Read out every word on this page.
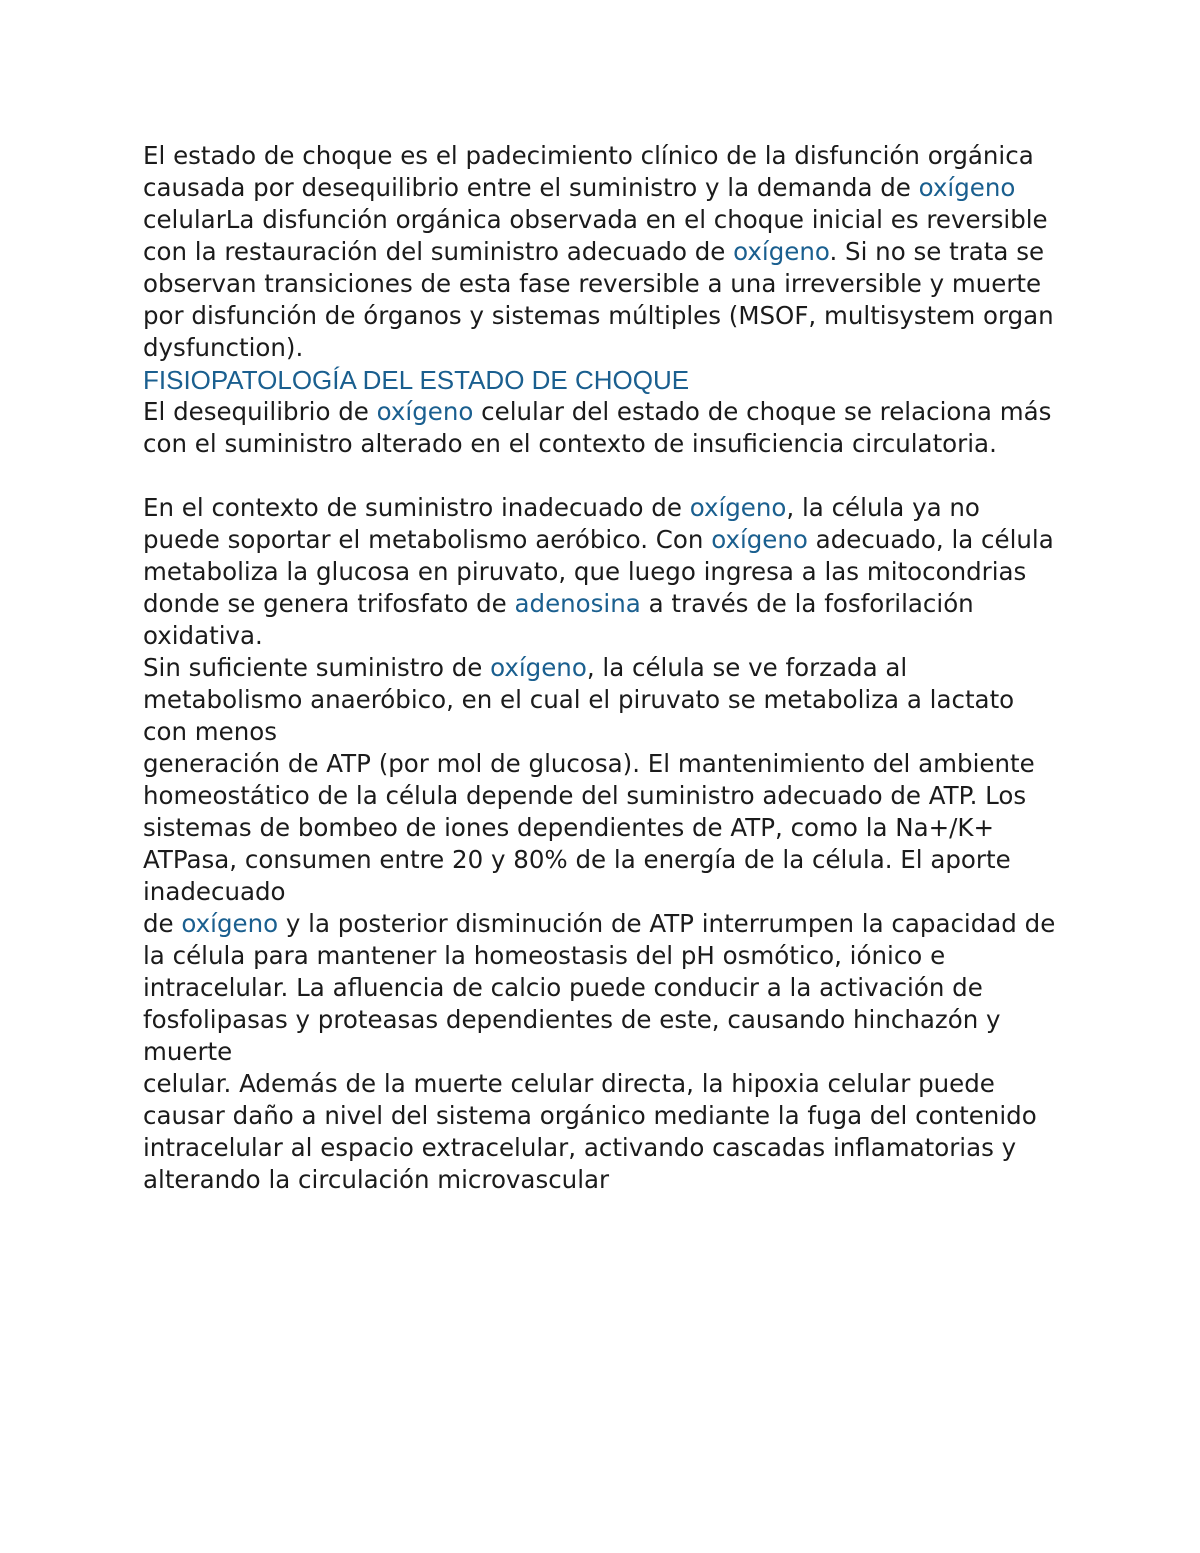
El estado de choque es el padecimiento clínico de la disfunción orgánica causada por desequilibrio entre el suministro y la demanda de oxígeno celularLa disfunción orgánica observada en el choque inicial es reversible con la restauración del suministro adecuado de oxígeno. Si no se trata se observan transiciones de esta fase reversible a una irreversible y muerte por disfunción de órganos y sistemas múltiples (MSOF, multisystem organ dysfunction).

FISIOPATOLOGÍA DEL ESTADO DE CHOQUE

El desequilibrio de oxígeno celular del estado de choque se relaciona más con el suministro alterado en el contexto de insuficiencia circulatoria.

En el contexto de suministro inadecuado de oxígeno, la célula ya no puede soportar el metabolismo aeróbico. Con oxígeno adecuado, la célula

metaboliza la glucosa en piruvato, que luego ingresa a las mitocondrias donde se genera trifosfato de adenosina a través de la fosforilación oxidativa.

Sin suficiente suministro de oxígeno, la célula se ve forzada al metabolismo anaeróbico, en el cual el piruvato se metaboliza a lactato con menos

generación de ATP (por mol de glucosa). El mantenimiento del ambiente homeostático de la célula depende del suministro adecuado de ATP. Los

sistemas de bombeo de iones dependientes de ATP, como la Na+/K+ ATPasa, consumen entre 20 y 80% de la energía de la célula. El aporte inadecuado

de oxígeno y la posterior disminución de ATP interrumpen la capacidad de la célula para mantener la homeostasis del pH osmótico, iónico e

intracelular. La afluencia de calcio puede conducir a la activación de fosfolipasas y proteasas dependientes de este, causando hinchazón y muerte

celular. Además de la muerte celular directa, la hipoxia celular puede causar daño a nivel del sistema orgánico mediante la fuga del contenido

intracelular al espacio extracelular, activando cascadas inflamatorias y alterando la circulación microvascular
